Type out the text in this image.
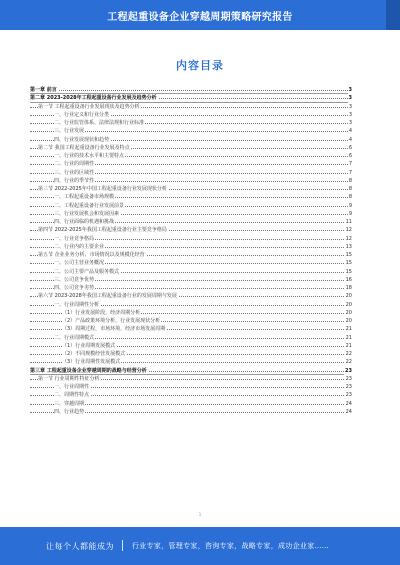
工程起重设备企业穿越周期策略研究报告
内容目录
第一章 前言	3
第二章 2023-2028年工程起重设备行业发展及趋势分析	3
第一节 工程起重设备行业发展现状及趋势分析	3
一、行业定义和行业分类	3
二、行业监管体系、法律法规和行业标准	3
三、行业发展	4
四、行业发展现状和趋势	4
第二节 我国工程起重设备行业发展及特点	6
一、行业的技术水平和主要特点	6
二、行业的周期性	7
三、行业的区域性	7
四、行业的季节性	8
第三节 2022-2025年中国工程起重设备行业发展现状分析	8
一、工程起重设备市场规模	8
二、工程起重设备行业发展前景	9
三、行业发展机会和发展因素	9
四、行业面临的机遇和挑战	11
第四节 2022-2025年我国工程起重设备行业主要竞争格局	12
一、行业竞争格局	12
二、行业内的主要企业	13
第五节 企业业务分析、市场情况以及规模化经营	15
一、公司主营业务概况	15
二、公司主要产品及服务模式	15
三、公司竞争优势	16
四、公司竞争劣势	18
第六节 2023-2028年我国工程起重设备行业的发展周期与发展	20
一、行业周期性分析	20
（1）行业发展阶段，经济周期分析	20
（2）产品政策环境分析，行业发展现状分析	20
（3）周期过程，市场环境，经济市场发展周期	21
二、行业周期模式	21
（1）行业周期发展模式	21
（2）不同规模经营发展模式	22
（3）行业周期性发展模式	22
第三章 工程起重设备企业穿越周期的战略与经营分析	23
第一节 行业周期性特征分析	23
一、行业周期性	23
二、周期性特点	23
三、穿越周期	24
四、行业趋势	24
1
让每个人都能成为	行业专家，管理专家，咨询专家，战略专家，成功企业家……
